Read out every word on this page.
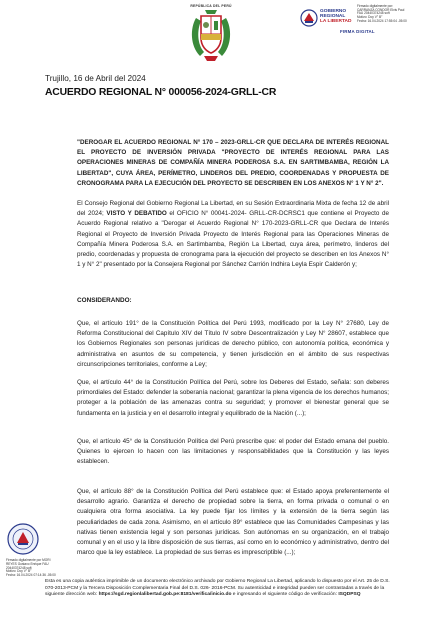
REPÚBLICA DEL PERÚ
GOBIERNO
REGIONAL
LA LIBERTAD
Firmado digitalmente por:
CARRANZA CONDOR Elvis Paul
FAU 20440374248 soft
Motivo: Doy V° B°
Fecha: 16.04.2024 17:55:04 -05:00
FIRMA DIGITAL
Trujillo, 16 de Abril del 2024
ACUERDO REGIONAL N° 000056-2024-GRLL-CR
"DEROGAR EL ACUERDO REGIONAL N° 170 – 2023-GRLL-CR QUE DECLARA DE INTERÉS REGIONAL EL PROYECTO DE INVERSIÓN PRIVADA "PROYECTO DE INTERÉS REGIONAL PARA LAS OPERACIONES MINERAS DE COMPAÑÍA MINERA PODEROSA S.A. EN SARTIMBAMBA, REGIÓN LA LIBERTAD", CUYA ÁREA, PERÍMETRO, LINDEROS DEL PREDIO, COORDENADAS Y PROPUESTA DE CRONOGRAMA PARA LA EJECUCIÓN DEL PROYECTO SE DESCRIBEN EN LOS ANEXOS N° 1 Y N° 2".
El Consejo Regional del Gobierno Regional La Libertad, en su Sesión Extraordinaria Mixta de fecha 12 de abril del 2024; VISTO Y DEBATIDO el OFICIO N° 00041-2024- GRLL-CR-DCRSC1 que contiene el Proyecto de Acuerdo Regional relativo a "Derogar el Acuerdo Regional N° 170-2023-GRLL-CR que Declara de Interés Regional el Proyecto de Inversión Privada Proyecto de Interés Regional para las Operaciones Mineras de Compañía Minera Poderosa S.A. en Sartimbamba, Región La Libertad, cuya área, perímetro, linderos del predio, coordenadas y propuesta de cronograma para la ejecución del proyecto se describen en los Anexos N° 1 y N° 2" presentado por la Consejera Regional por Sánchez Carrión Indhira Leyla Espir Calderón y;
CONSIDERANDO:
Que, el artículo 191° de la Constitución Política del Perú 1993, modificado por la Ley N° 27680, Ley de Reforma Constitucional del Capítulo XIV del Título IV sobre Descentralización y Ley N° 28607, establece que los Gobiernos Regionales son personas jurídicas de derecho público, con autonomía política, económica y administrativa en asuntos de su competencia, y tienen jurisdicción en el ámbito de sus respectivas circunscripciones territoriales, conforme a Ley;
Que, el artículo 44° de la Constitución Política del Perú, sobre los Deberes del Estado, señala: son deberes primordiales del Estado: defender la soberanía nacional; garantizar la plena vigencia de los derechos humanos; proteger a la población de las amenazas contra su seguridad; y promover el bienestar general que se fundamenta en la justicia y en el desarrollo integral y equilibrado de la Nación (...);
Que, el artículo 45° de la Constitución Política del Perú prescribe que: el poder del Estado emana del pueblo. Quienes lo ejercen lo hacen con las limitaciones y responsabilidades que la Constitución y las leyes establecen.
Que, el artículo 88° de la Constitución Política del Perú establece que: el Estado apoya preferentemente el desarrollo agrario. Garantiza el derecho de propiedad sobre la tierra, en forma privada o comunal o en cualquiera otra forma asociativa. La ley puede fijar los límites y la extensión de la tierra según las peculiaridades de cada zona. Asimismo, en el artículo 89° establece que las Comunidades Campesinas y las nativas tienen existencia legal y son personas jurídicas. Son autónomas en su organización, en el trabajo comunal y en el uso y la libre disposición de sus tierras, así como en lo económico y administrativo, dentro del marco que la ley establece. La propiedad de sus tierras es imprescriptible (...);
Firmado digitalmente por MORI
REYES Gustavo Enrique FAU
20440374248 soft
Motivo: Doy V° B°
Fecha: 16.04.2024 07:14:36 -05:00
Esta es una copia auténtica imprimible de un documento electrónico archivado por Gobierno Regional La Libertad, aplicando lo dispuesto por el Art. 25 de D.S. 070-2013-PCM y la Tercera Disposición Complementaria Final del D.S. 026- 2016-PCM. Su autenticidad e integridad pueden ser contrastadas a través de la siguiente dirección web: https://sgd.regionlalibertad.gob.pe:8181/verifica/inicio.do e ingresando el siguiente código de verificación: ISQDPSQ
